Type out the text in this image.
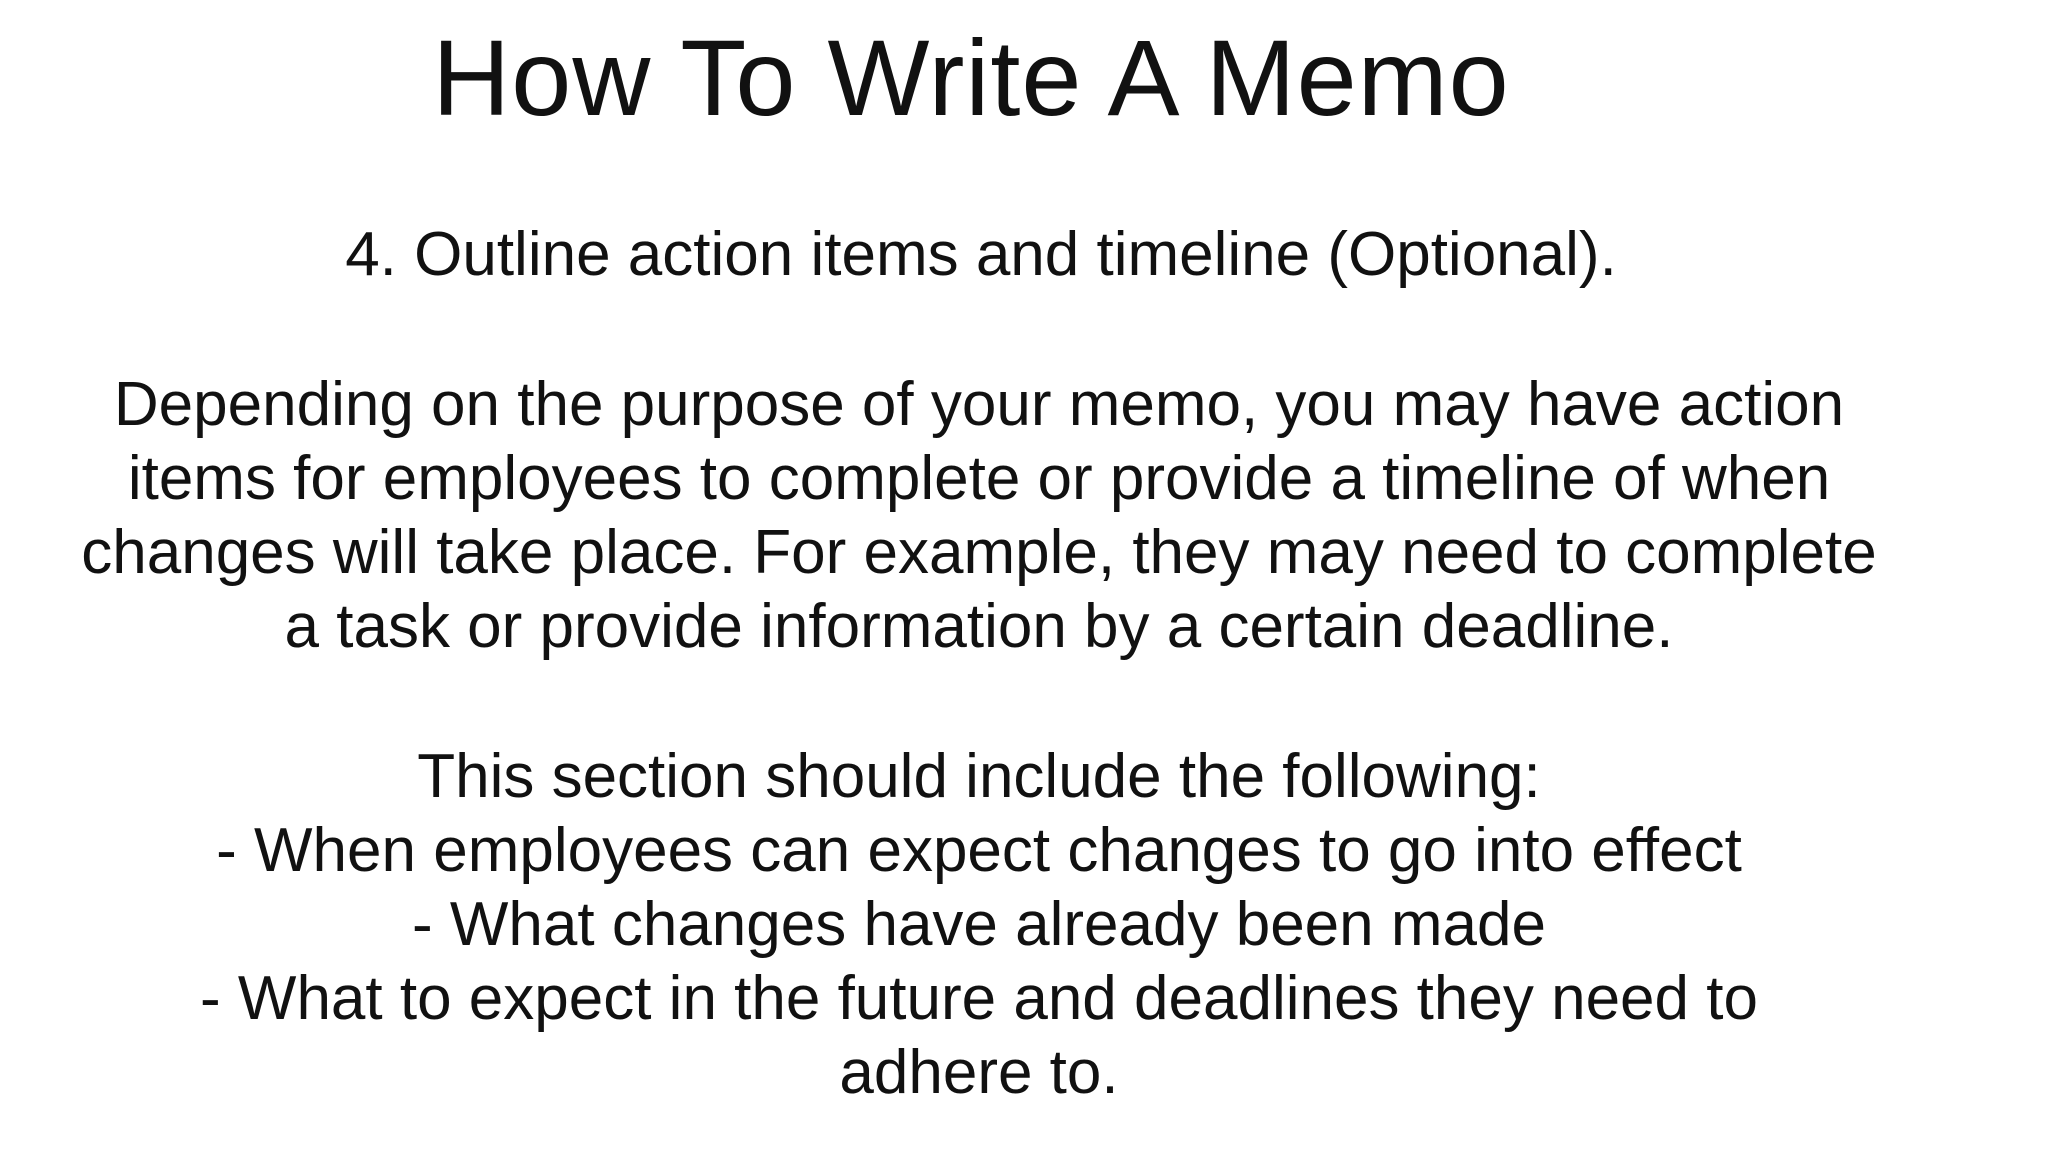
How To Write A Memo
4. Outline action items and timeline (Optional).
Depending on the purpose of your memo, you may have action
items for employees to complete or provide a timeline of when
changes will take place. For example, they may need to complete
a task or provide information by a certain deadline.
This section should include the following:
- When employees can expect changes to go into effect
- What changes have already been made
- What to expect in the future and deadlines they need to
adhere to.
